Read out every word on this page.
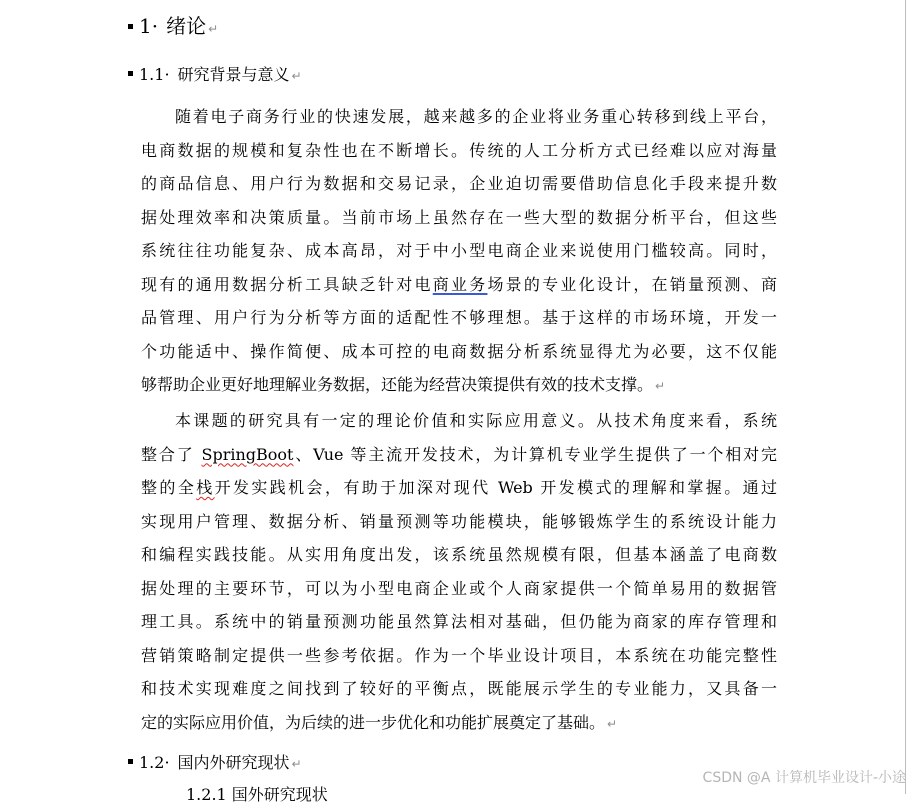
1· 绪论 ↵
1.1· 研究背景与意义 ↵
随着电子商务行业的快速发展，越来越多的企业将业务重心转移到线上平台，
电商数据的规模和复杂性也在不断增长。传统的人工分析方式已经难以应对海量
的商品信息、用户行为数据和交易记录，企业迫切需要借助信息化手段来提升数
据处理效率和决策质量。当前市场上虽然存在一些大型的数据分析平台，但这些
系统往往功能复杂、成本高昂，对于中小型电商企业来说使用门槛较高。同时，
现有的通用数据分析工具缺乏针对电商业务场景的专业化设计，在销量预测、商
品管理、用户行为分析等方面的适配性不够理想。基于这样的市场环境，开发一
个功能适中、操作简便、成本可控的电商数据分析系统显得尤为必要，这不仅能
够帮助企业更好地理解业务数据，还能为经营决策提供有效的技术支撑。 ↵
本课题的研究具有一定的理论价值和实际应用意义。从技术角度来看，系统
整合了 SpringBoot、Vue 等主流开发技术，为计算机专业学生提供了一个相对完
整的全栈开发实践机会，有助于加深对现代 Web 开发模式的理解和掌握。通过
实现用户管理、数据分析、销量预测等功能模块，能够锻炼学生的系统设计能力
和编程实践技能。从实用角度出发，该系统虽然规模有限，但基本涵盖了电商数
据处理的主要环节，可以为小型电商企业或个人商家提供一个简单易用的数据管
理工具。系统中的销量预测功能虽然算法相对基础，但仍能为商家的库存管理和
营销策略制定提供一些参考依据。作为一个毕业设计项目，本系统在功能完整性
和技术实现难度之间找到了较好的平衡点，既能展示学生的专业能力，又具备一
定的实际应用价值，为后续的进一步优化和功能扩展奠定了基础。 ↵
1.2· 国内外研究现状 ↵
1.2.1 国外研究现状
CSDN @A 计算机毕业设计-小途
